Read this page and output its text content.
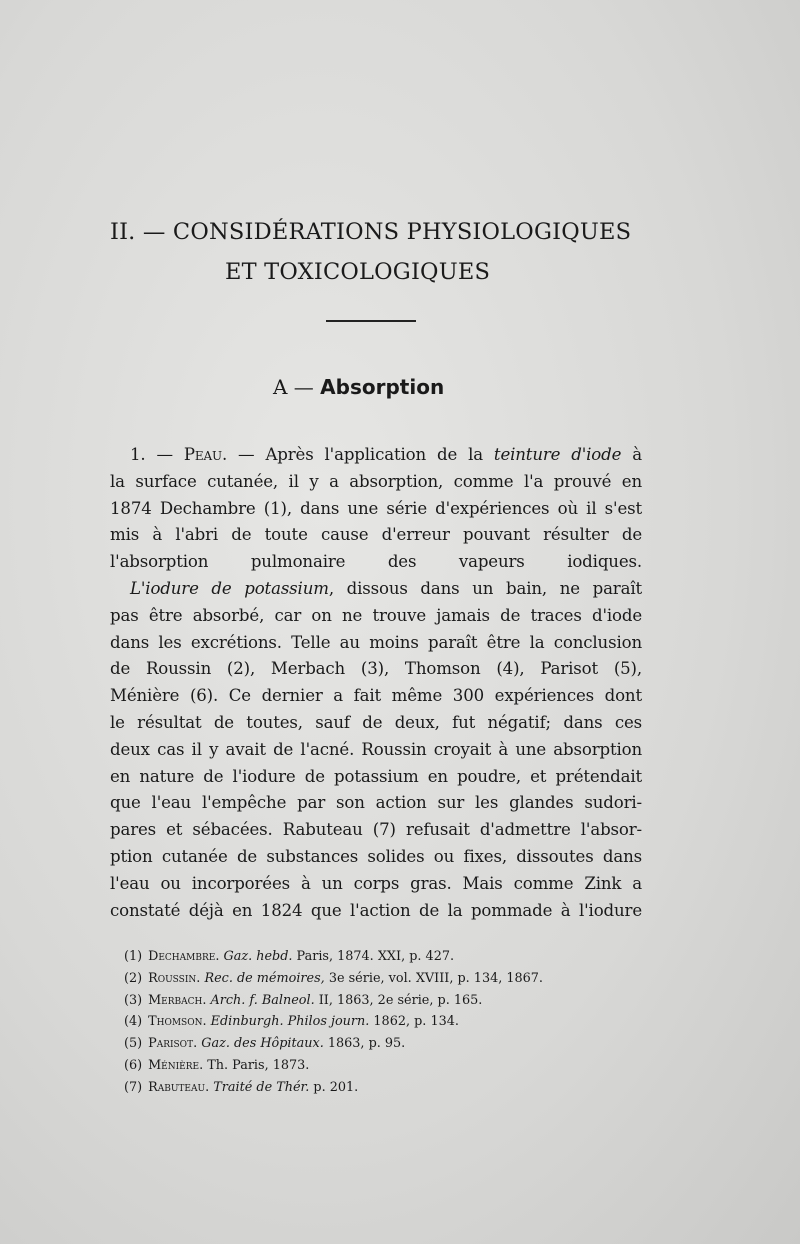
II. — CONSIDÉRATIONS PHYSIOLOGIQUES
ET TOXICOLOGIQUES
A — Absorption

1. — Peau. — Après l'application de la teinture d'iode à
la surface cutanée, il y a absorption, comme l'a prouvé en
1874 Dechambre (1), dans une série d'expériences où il s'est
mis à l'abri de toute cause d'erreur pouvant résulter de
l'absorption pulmonaire des vapeurs iodiques.

L'iodure de potassium, dissous dans un bain, ne paraît
pas être absorbé, car on ne trouve jamais de traces d'iode
dans les excrétions. Telle au moins paraît être la conclusion
de Roussin (2), Merbach (3), Thomson (4), Parisot (5),
Ménière (6). Ce dernier a fait même 300 expériences dont
le résultat de toutes, sauf de deux, fut négatif; dans ces
deux cas il y avait de l'acné. Roussin croyait à une absorption
en nature de l'iodure de potassium en poudre, et prétendait
que l'eau l'empêche par son action sur les glandes sudori-
pares et sébacées. Rabuteau (7) refusait d'admettre l'absor-
ption cutanée de substances solides ou fixes, dissoutes dans
l'eau ou incorporées à un corps gras. Mais comme Zink a
constaté déjà en 1824 que l'action de la pommade à l'iodure

(1) Dechambre. Gaz. hebd. Paris, 1874. XXI, p. 427.
(2) Roussin. Rec. de mémoires, 3e série, vol. XVIII, p. 134, 1867.
(3) Merbach. Arch. f. Balneol. II, 1863, 2e série, p. 165.
(4) Thomson. Edinburgh. Philos journ. 1862, p. 134.
(5) Parisot. Gaz. des Hôpitaux. 1863, p. 95.
(6) Ménière. Th. Paris, 1873.
(7) Rabuteau. Traité de Thér. p. 201.
